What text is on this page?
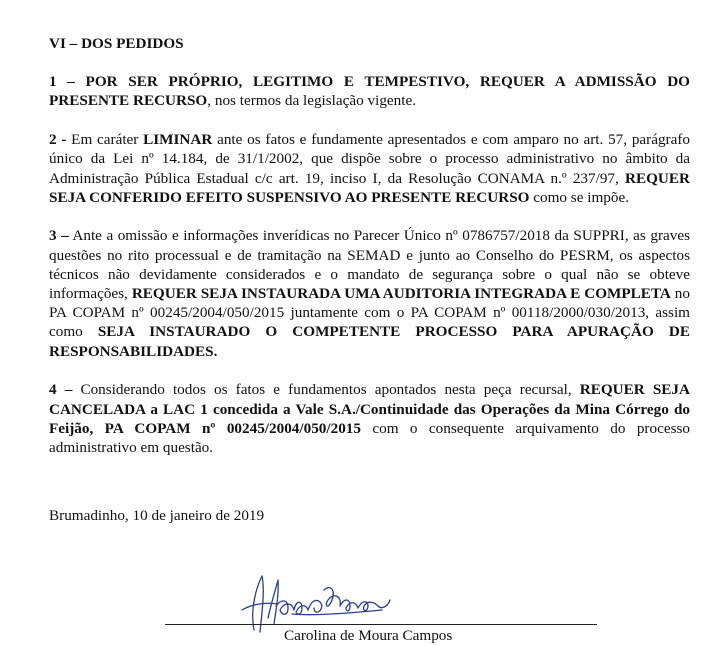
VI – DOS PEDIDOS

1 – POR SER PRÓPRIO, LEGITIMO E TEMPESTIVO, REQUER A ADMISSÃO DO PRESENTE RECURSO, nos termos da legislação vigente.

2 - Em caráter LIMINAR ante os fatos e fundamente apresentados e com amparo no art. 57, parágrafo único da Lei nº 14.184, de 31/1/2002, que dispõe sobre o processo administrativo no âmbito da Administração Pública Estadual c/c art. 19, inciso I, da Resolução CONAMA n.º 237/97, REQUER SEJA CONFERIDO EFEITO SUSPENSIVO AO PRESENTE RECURSO como se impõe.

3 – Ante a omissão e informações inverídicas no Parecer Único nº 0786757/2018 da SUPPRI, as graves questões no rito processual e de tramitação na SEMAD e junto ao Conselho do PESRM, os aspectos técnicos não devidamente considerados e o mandato de segurança sobre o qual não se obteve informações, REQUER SEJA INSTAURADA UMA AUDITORIA INTEGRADA E COMPLETA no PA COPAM nº 00245/2004/050/2015 juntamente com o PA COPAM nº 00118/2000/030/2013, assim como SEJA INSTAURADO O COMPETENTE PROCESSO PARA APURAÇÃO DE RESPONSABILIDADES.

4 – Considerando todos os fatos e fundamentos apontados nesta peça recursal, REQUER SEJA CANCELADA a LAC 1 concedida a Vale S.A./Continuidade das Operações da Mina Córrego do Feijão, PA COPAM nº 00245/2004/050/2015 com o consequente arquivamento do processo administrativo em questão.

Brumadinho, 10 de janeiro de 2019
Carolina de Moura Campos
